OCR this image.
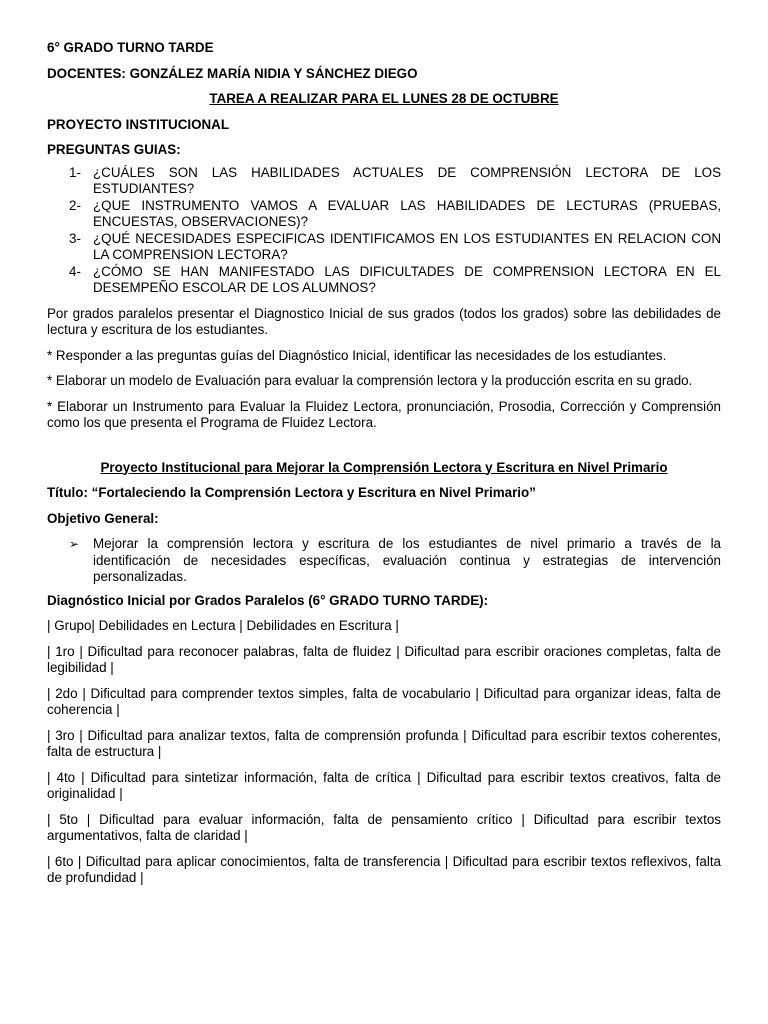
6° GRADO TURNO TARDE

DOCENTES: GONZÁLEZ MARÍA NIDIA Y SÁNCHEZ DIEGO

TAREA A REALIZAR PARA EL LUNES 28 DE OCTUBRE

PROYECTO INSTITUCIONAL

PREGUNTAS GUIAS:

1- ¿CUÁLES SON LAS HABILIDADES ACTUALES DE COMPRENSIÓN LECTORA DE LOS ESTUDIANTES?
2- ¿QUE INSTRUMENTO VAMOS A EVALUAR LAS HABILIDADES DE LECTURAS (PRUEBAS, ENCUESTAS, OBSERVACIONES)?
3- ¿QUÉ NECESIDADES ESPECIFICAS IDENTIFICAMOS EN LOS ESTUDIANTES EN RELACION CON LA COMPRENSION LECTORA?
4- ¿CÓMO SE HAN MANIFESTADO LAS DIFICULTADES DE COMPRENSION LECTORA EN EL DESEMPEÑO ESCOLAR DE LOS ALUMNOS?

Por grados paralelos presentar el Diagnostico Inicial de sus grados (todos los grados) sobre las debilidades de lectura y escritura de los estudiantes.

* Responder a las preguntas guías del Diagnóstico Inicial, identificar las necesidades de los estudiantes.

* Elaborar un modelo de Evaluación para evaluar la comprensión lectora y la producción escrita en su grado.

* Elaborar un Instrumento para Evaluar la Fluidez Lectora, pronunciación, Prosodia, Corrección y Comprensión como los que presenta el Programa de Fluidez Lectora.

Proyecto Institucional para Mejorar la Comprensión Lectora y Escritura en Nivel Primario

Título: “Fortaleciendo la Comprensión Lectora y Escritura en Nivel Primario”

Objetivo General:

➢ Mejorar la comprensión lectora y escritura de los estudiantes de nivel primario a través de la identificación de necesidades específicas, evaluación continua y estrategias de intervención personalizadas.

Diagnóstico Inicial por Grados Paralelos (6° GRADO TURNO TARDE):

| Grupo| Debilidades en Lectura | Debilidades en Escritura |

| 1ro | Dificultad para reconocer palabras, falta de fluidez | Dificultad para escribir oraciones completas, falta de legibilidad |

| 2do | Dificultad para comprender textos simples, falta de vocabulario | Dificultad para organizar ideas, falta de coherencia |

| 3ro | Dificultad para analizar textos, falta de comprensión profunda | Dificultad para escribir textos coherentes, falta de estructura |

| 4to | Dificultad para sintetizar información, falta de crítica | Dificultad para escribir textos creativos, falta de originalidad |

| 5to | Dificultad para evaluar información, falta de pensamiento crítico | Dificultad para escribir textos argumentativos, falta de claridad |

| 6to | Dificultad para aplicar conocimientos, falta de transferencia | Dificultad para escribir textos reflexivos, falta de profundidad |
